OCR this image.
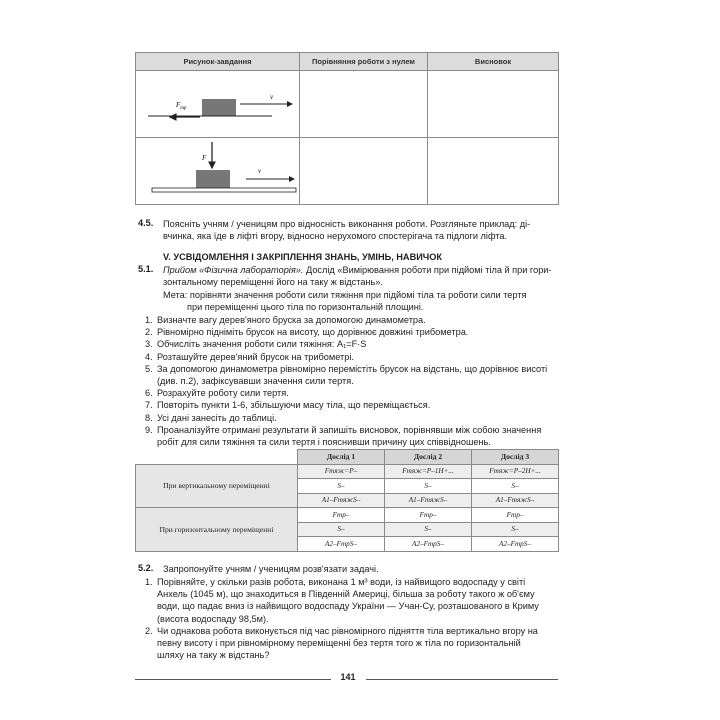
Рисунок-завдання	Порівняння роботи з нулем	Висновок

$F_{тр}$
v		

F
v		

4.5. Поясніть учням / ученицям про відносність виконання роботи. Розгляньте приклад: ді-
вчинка, яка їде в ліфті вгору, відносно нерухомого спостерігача та підлоги ліфта.
V. УСВІДОМЛЕННЯ І ЗАКРІПЛЕННЯ ЗНАНЬ, УМІНЬ, НАВИЧОК
5.1. Прийом «Фізична лабораторія». Дослід «Вимірювання роботи при підйомі тіла й при гори-
зонтальному переміщенні його на таку ж відстань».
Мета: порівняти значення роботи сили тяжіння при підйомі тіла та роботи сили тертя
при переміщенні цього тіла по горизонтальній площині.
1. Визначте вагу дерев'яного бруска за допомогою динамометра.
2. Рівномірно підніміть брусок на висоту, що дорівнює довжині трибометра.
3. Обчисліть значення роботи сили тяжіння: A₁=F·S
4. Розташуйте дерев'яний брусок на трибометрі.
5. За допомогою динамометра рівномірно перемістіть брусок на відстань, що дорівнює висоті
(див. п.2), зафіксувавши значення сили тертя.
6. Розрахуйте роботу сили тертя.
7. Повторіть пункти 1-6, збільшуючи масу тіла, що переміщається.
8. Усі дані занесіть до таблиці.
9. Проаналізуйте отримані результати й запишіть висновок, порівнявши між собою значення
робіт для сили тяжіння та сили тертя і пояснивши причину цих співвідношень.
	Дослід 1	Дослід 2	Дослід 3
При вертикальному переміщенні	Fтяж=P–	Fтяж=P–1Н+...	Fтяж=P–2Н+...
	S–	S–	S–
	A1–FтяжS–	A1–FтяжS–	A1–FтяжS–
При горизонтальному переміщенні	Fтр–	Fтр–	Fтр–
	S–	S–	S–
	A2–FтрS–	A2–FтрS–	A2–FтрS–
5.2. Запропонуйте учням / ученицям розв'язати задачі.
1. Порівняйте, у скільки разів робота, виконана 1 м³ води, із найвищого водоспаду у світі
Анхель (1045 м), що знаходиться в Південній Америці, більша за роботу такого ж об'єму
води, що падає вниз із найвищого водоспаду України — Учан-Су, розташованого в Криму
(висота водоспаду 98,5м).
2. Чи однакова робота виконується під час рівномірного підняття тіла вертикально вгору на
певну висоту і при рівномірному переміщенні без тертя того ж тіла по горизонтальній
шляху на таку ж відстань?
141
